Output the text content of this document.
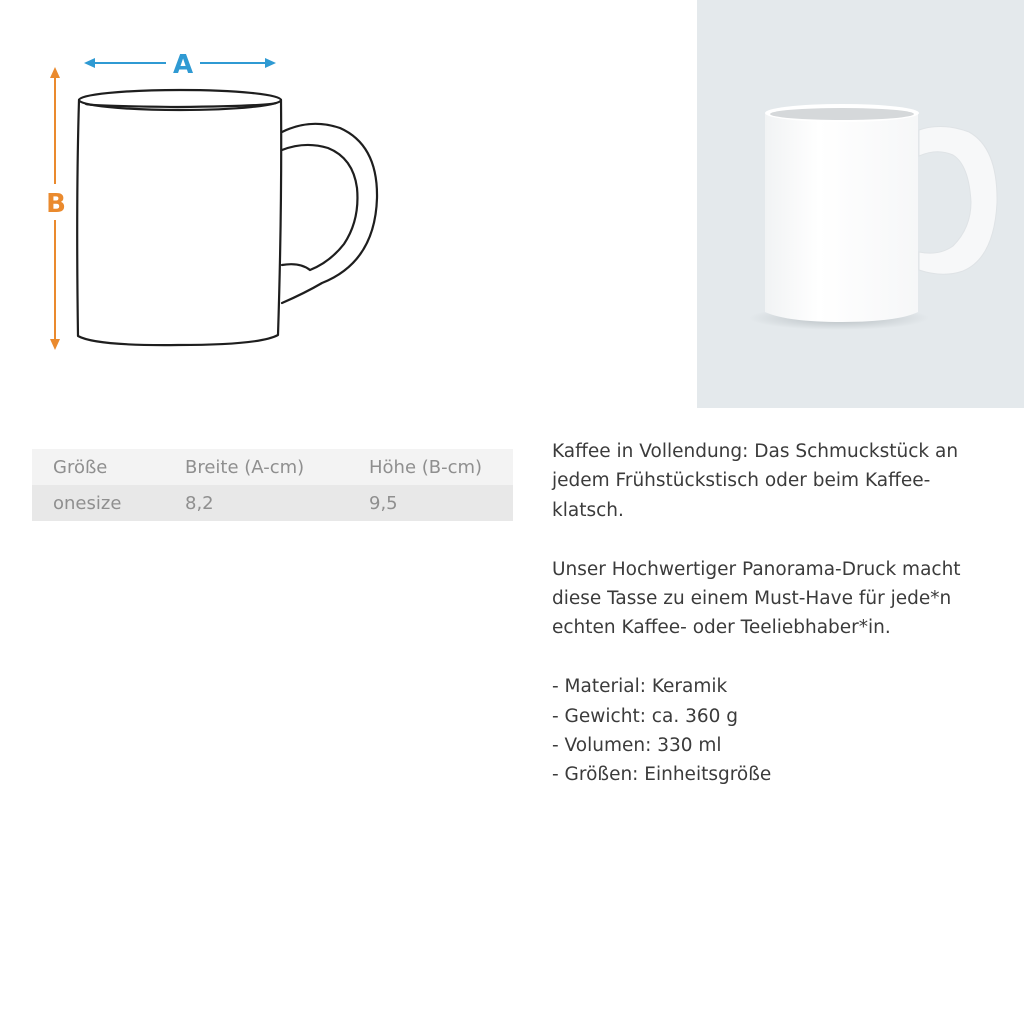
A
B
Größe	Breite (A-cm)	Höhe (B-cm)
onesize	8,2	9,5

Kaffee in Vollendung: Das Schmuckstück an jedem Frühstückstisch oder beim Kaffee-klatsch.

Unser Hochwertiger Panorama-Druck macht diese Tasse zu einem Must-Have für jede*n echten Kaffee- oder Teeliebhaber*in.

- Material: Keramik
- Gewicht: ca. 360 g
- Volumen: 330 ml
- Größen: Einheitsgröße
